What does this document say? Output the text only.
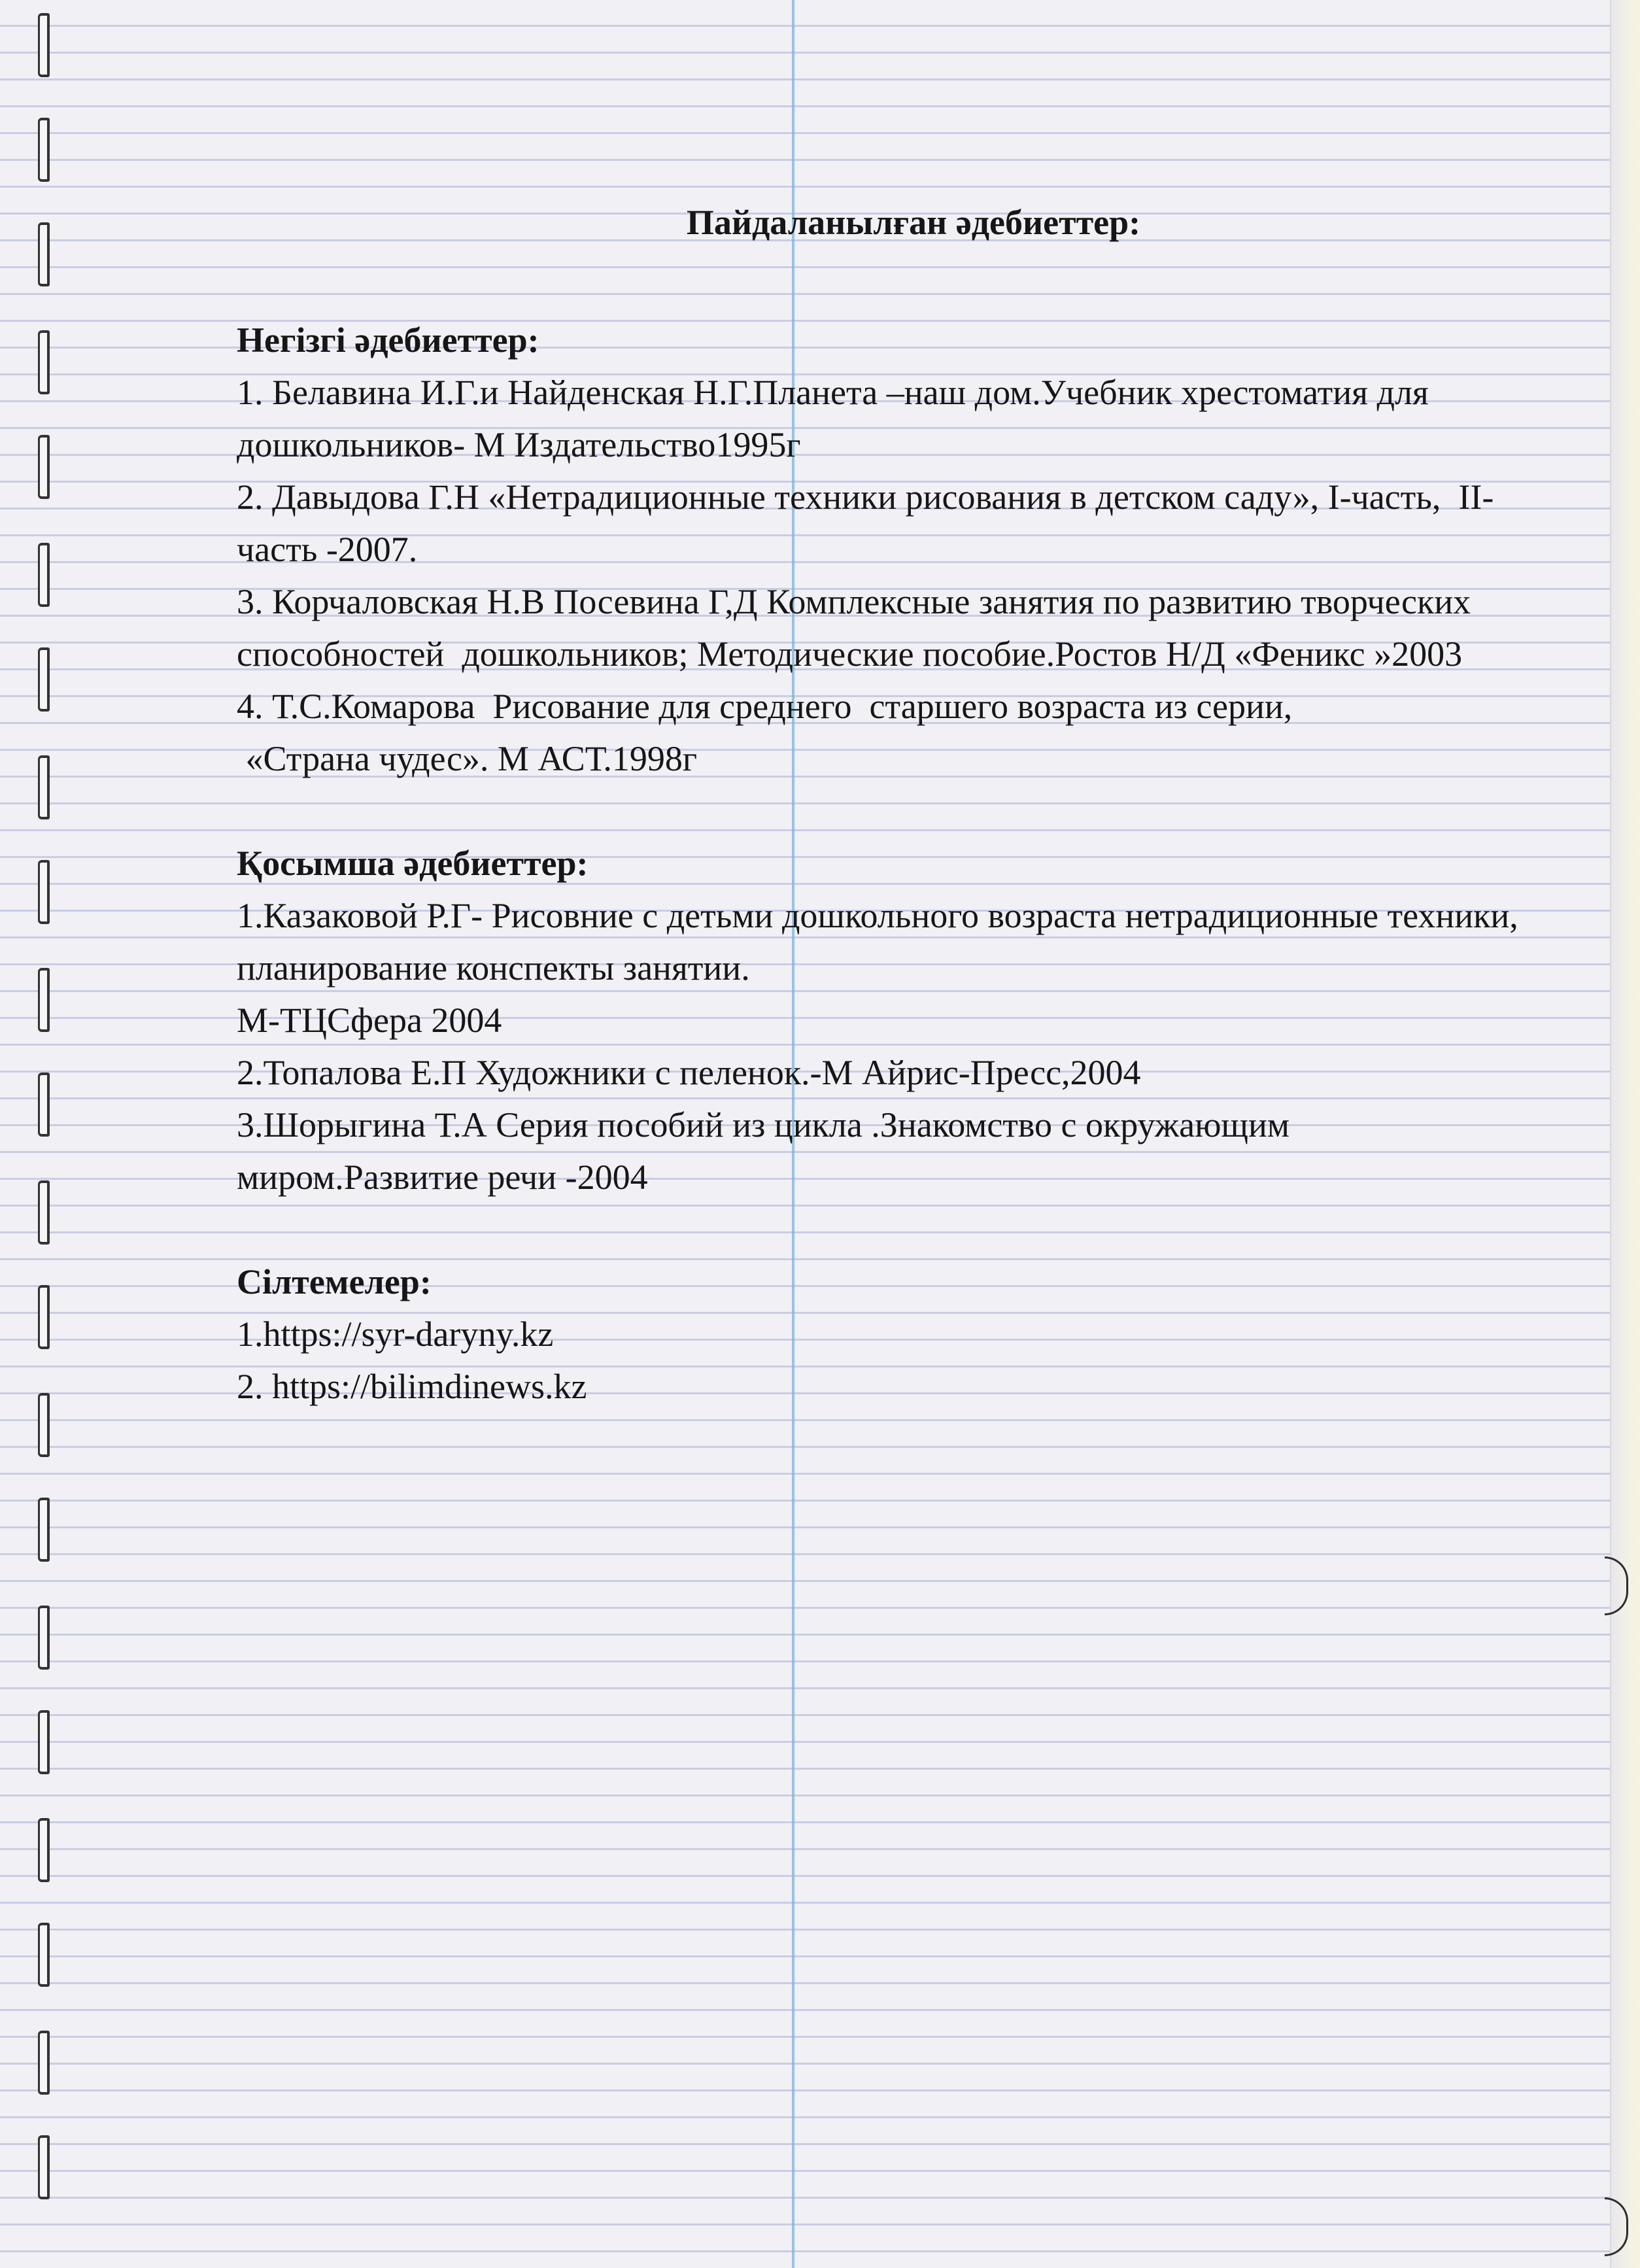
Пайдаланылған әдебиеттер:
Негізгі әдебиеттер:

1. Белавина И.Г.и Найденская Н.Г.Планета –наш дом.Учебник хрестоматия для дошкольников- М Издательство1995г

2. Давыдова Г.Н «Нетрадиционные техники рисования в детском саду», I-часть,  II-часть -2007.

3. Корчаловская Н.В Посевина Г,Д Комплексные занятия по развитию творческих способностей  дошкольников; Методические пособие.Ростов Н/Д «Феникс »2003

4. Т.С.Комарова  Рисование для среднего  старшего возраста из серии,
«Страна чудес». М АСТ.1998г

Қосымша әдебиеттер:

1.Казаковой Р.Г- Рисовние с детьми дошкольного возраста нетрадиционные техники, планирование конспекты занятии.

М-ТЦСфера 2004

2.Топалова Е.П Художники с пеленок.-М Айрис-Пресс,2004

3.Шорыгина Т.А Серия пособий из цикла .Знакомство с окружающим миром.Развитие речи -2004

Сілтемелер:

1.https://syr-daryny.kz

2. https://bilimdinews.kz
